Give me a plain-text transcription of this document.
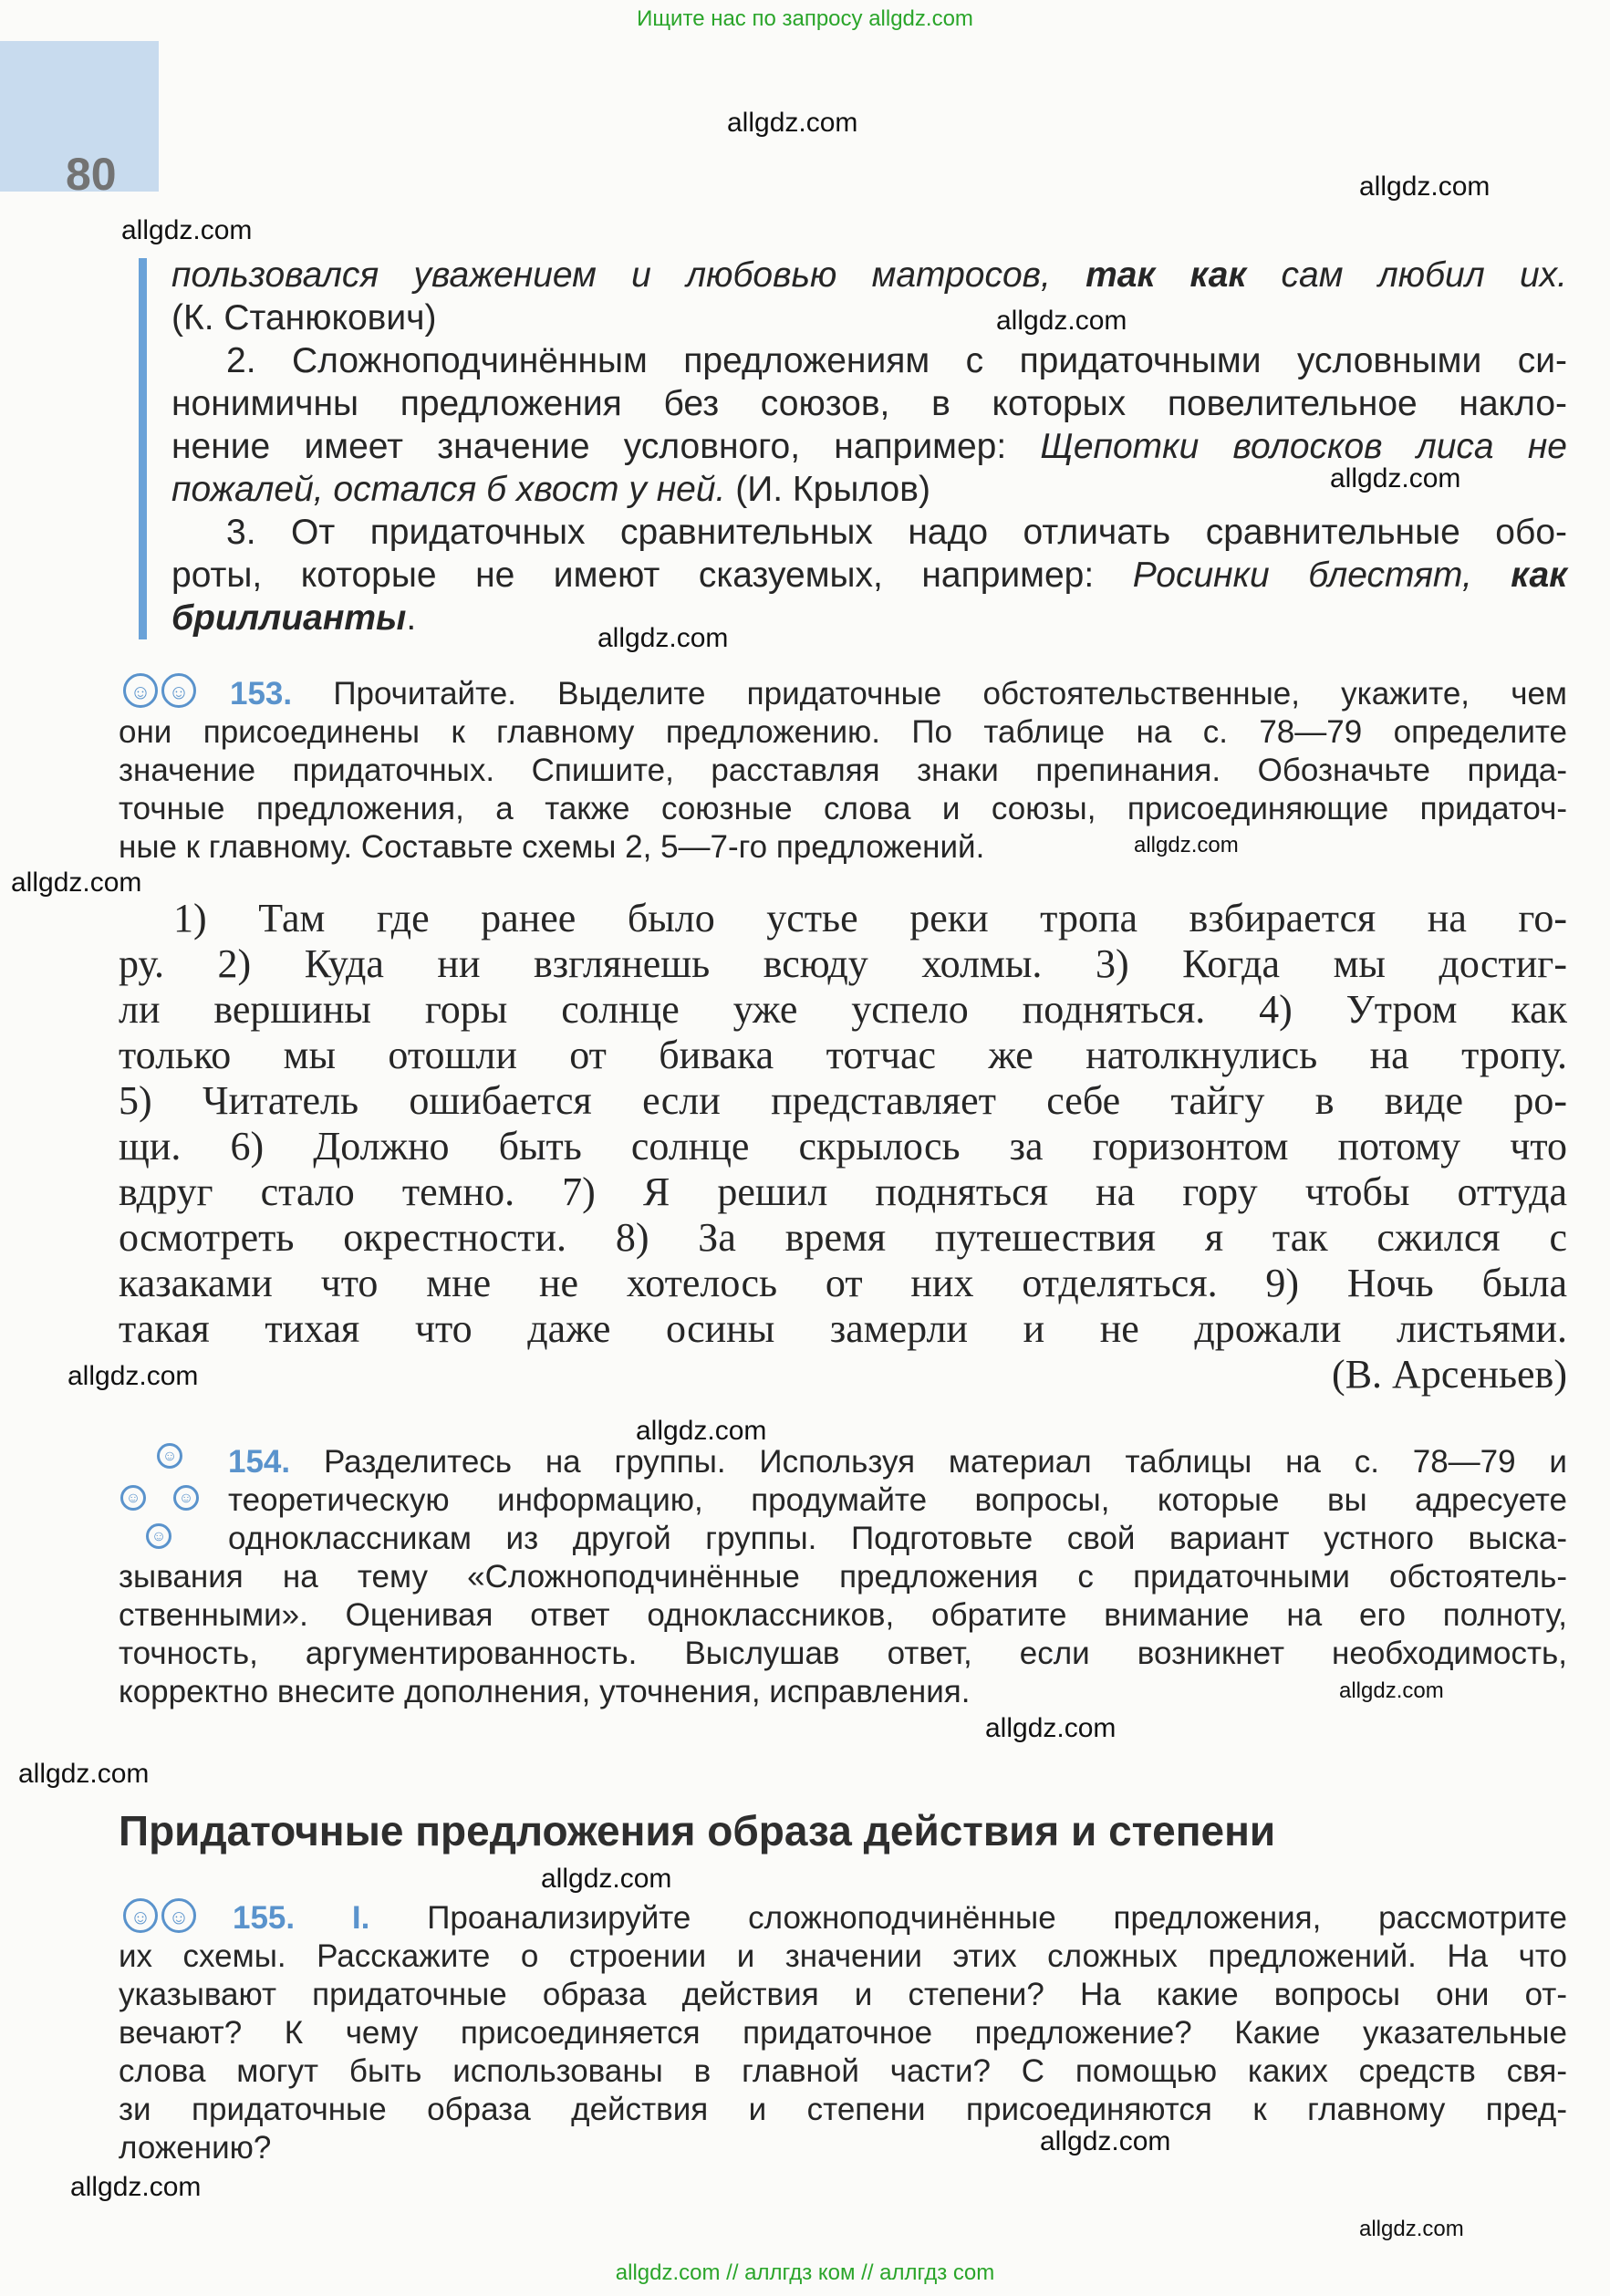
Ищите нас по запросу allgdz.com
80
allgdz.com
allgdz.com
allgdz.com
allgdz.com
allgdz.com
allgdz.com
allgdz.com
allgdz.com
allgdz.com
allgdz.com
allgdz.com
allgdz.com
allgdz.com
allgdz.com
allgdz.com
allgdz.com
allgdz.com
пользовался уважением и любовью матросов, так как сам любил их.
(К. Станюкович)
2. Сложноподчинённым предложениям с придаточными условными си-
нонимичны предложения без союзов, в которых повелительное накло-
нение имеет значение условного, например: Щепотки волосков лиса не
пожалей, остался б хвост у ней. (И. Крылов)
3. От придаточных сравнительных надо отличать сравнительные обо-
роты, которые не имеют сказуемых, например: Росинки блестят, как
бриллианты.
☺ ☺	153. Прочитайте. Выделите придаточные обстоятельственные, укажите, чем
они присоединены к главному предложению. По таблице на с. 78—79 определите
значение придаточных. Спишите, расставляя знаки препинания. Обозначьте прида-
точные предложения, а также союзные слова и союзы, присоединяющие придаточ-
ные к главному. Составьте схемы 2, 5—7-го предложений.
1) Там где ранее было устье реки тропа взбирается на го-
ру. 2) Куда ни взглянешь всюду холмы. 3) Когда мы достиг-
ли вершины горы солнце уже успело подняться. 4) Утром как
только мы отошли от бивака тотчас же натолкнулись на тропу.
5) Читатель ошибается если представляет себе тайгу в виде ро-
щи. 6) Должно быть солнце скрылось за горизонтом потому что
вдруг стало темно. 7) Я решил подняться на гору чтобы оттуда
осмотреть окрестности. 8) За время путешествия я так сжился с
казаками что мне не хотелось от них отделяться. 9) Ночь была
такая тихая что даже осины замерли и не дрожали листьями.
(В. Арсеньев)
☺
☺	☺
☺
154. Разделитесь на группы. Используя материал таблицы на с. 78—79 и
теоретическую информацию, продумайте вопросы, которые вы адресуете
одноклассникам из другой группы. Подготовьте свой вариант устного выска-
зывания на тему «Сложноподчинённые предложения с придаточными обстоятель-
ственными». Оценивая ответ одноклассников, обратите внимание на его полноту,
точность, аргументированность. Выслушав ответ, если возникнет необходимость,
корректно внесите дополнения, уточнения, исправления.
Придаточные предложения образа действия и степени
☺ ☺	155. I. Проанализируйте сложноподчинённые предложения, рассмотрите
их схемы. Расскажите о строении и значении этих сложных предложений. На что
указывают придаточные образа действия и степени? На какие вопросы они от-
вечают? К чему присоединяется придаточное предложение? Какие указательные
слова могут быть использованы в главной части? С помощью каких средств свя-
зи придаточные образа действия и степени присоединяются к главному пред-
ложению?
allgdz.com // аллгдз ком // аллгдз com
